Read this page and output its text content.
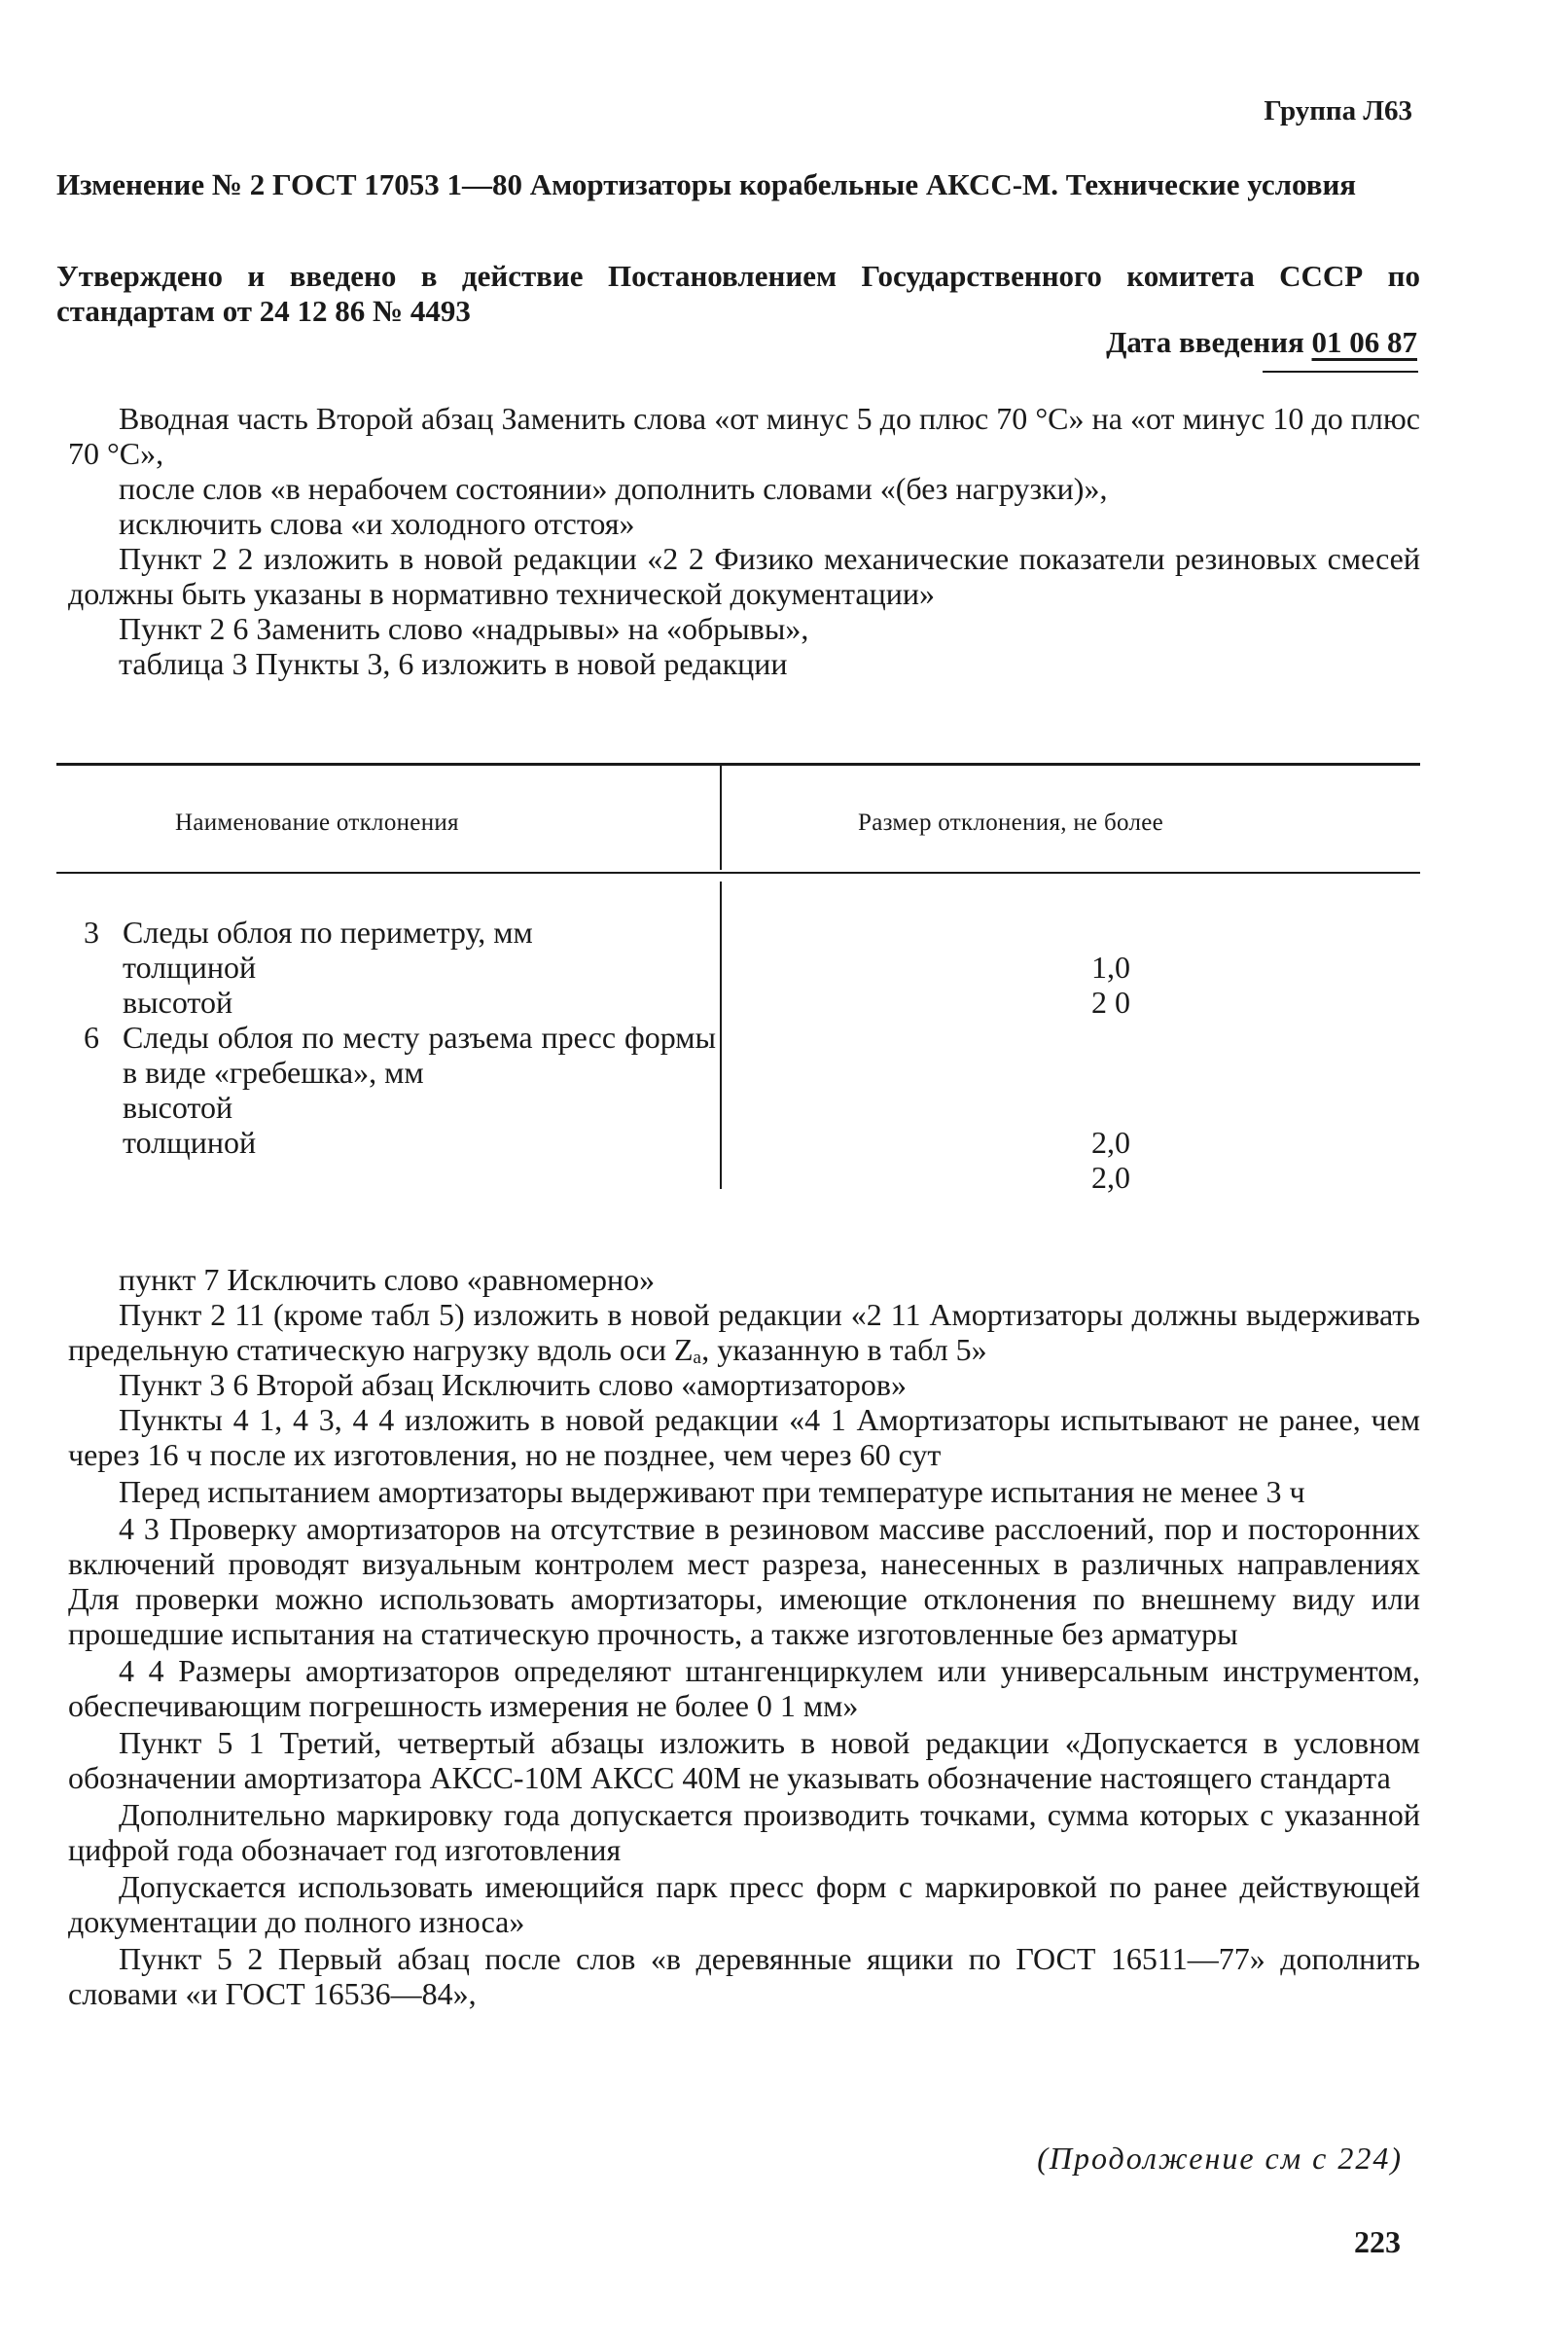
Группа Л63
Изменение № 2 ГОСТ 17053 1—80 Амортизаторы корабельные АКСС-М. Технические условия
Утверждено и введено в действие Постановлением Государственного комитета СССР по стандартам от 24 12 86 № 4493
Дата введения 01 06 87

Вводная часть Второй абзац Заменить слова «от минус 5 до плюс 70 °С» на «от минус 10 до плюс 70 °С»,

после слов «в нерабочем состоянии» дополнить словами «(без нагрузки)»,

исключить слова «и холодного отстоя»

Пункт 2 2 изложить в новой редакции «2 2 Физико механические показатели резиновых смесей должны быть указаны в нормативно технической документации»

Пункт 2 6 Заменить слово «надрывы» на «обрывы»,

таблица 3 Пункты 3, 6 изложить в новой редакции

Наименование отклонения	Размер отклонения, не более
3 Следы облоя по периметру, мм
толщиной
высотой
6 Следы облоя по месту разъема пресс формы в виде «гребешка», мм
высотой
толщиной
1,0
2 0
2,0
2,0

пункт 7 Исключить слово «равномерно»

Пункт 2 11 (кроме табл 5) изложить в новой редакции «2 11 Амортизаторы должны выдерживать предельную статическую нагрузку вдоль оси Zₐ, указанную в табл 5»

Пункт 3 6 Второй абзац Исключить слово «амортизаторов»

Пункты 4 1, 4 3, 4 4 изложить в новой редакции «4 1 Амортизаторы испытывают не ранее, чем через 16 ч после их изготовления, но не позднее, чем через 60 сут

Перед испытанием амортизаторы выдерживают при температуре испытания не менее 3 ч

4 3 Проверку амортизаторов на отсутствие в резиновом массиве расслоений, пор и посторонних включений проводят визуальным контролем мест разреза, нанесенных в различных направлениях Для проверки можно использовать амортизаторы, имеющие отклонения по внешнему виду или прошедшие испытания на статическую прочность, а также изготовленные без арматуры

4 4 Размеры амортизаторов определяют штангенциркулем или универсальным инструментом, обеспечивающим погрешность измерения не более 0 1 мм»

Пункт 5 1 Третий, четвертый абзацы изложить в новой редакции «Допускается в условном обозначении амортизатора АКСС-10М АКСС 40М не указывать обозначение настоящего стандарта

Дополнительно маркировку года допускается производить точками, сумма которых с указанной цифрой года обозначает год изготовления

Допускается использовать имеющийся парк пресс форм с маркировкой по ранее действующей документации до полного износа»

Пункт 5 2 Первый абзац после слов «в деревянные ящики по ГОСТ 16511—77» дополнить словами «и ГОСТ 16536—84»,

(Продолжение см с 224)
223
